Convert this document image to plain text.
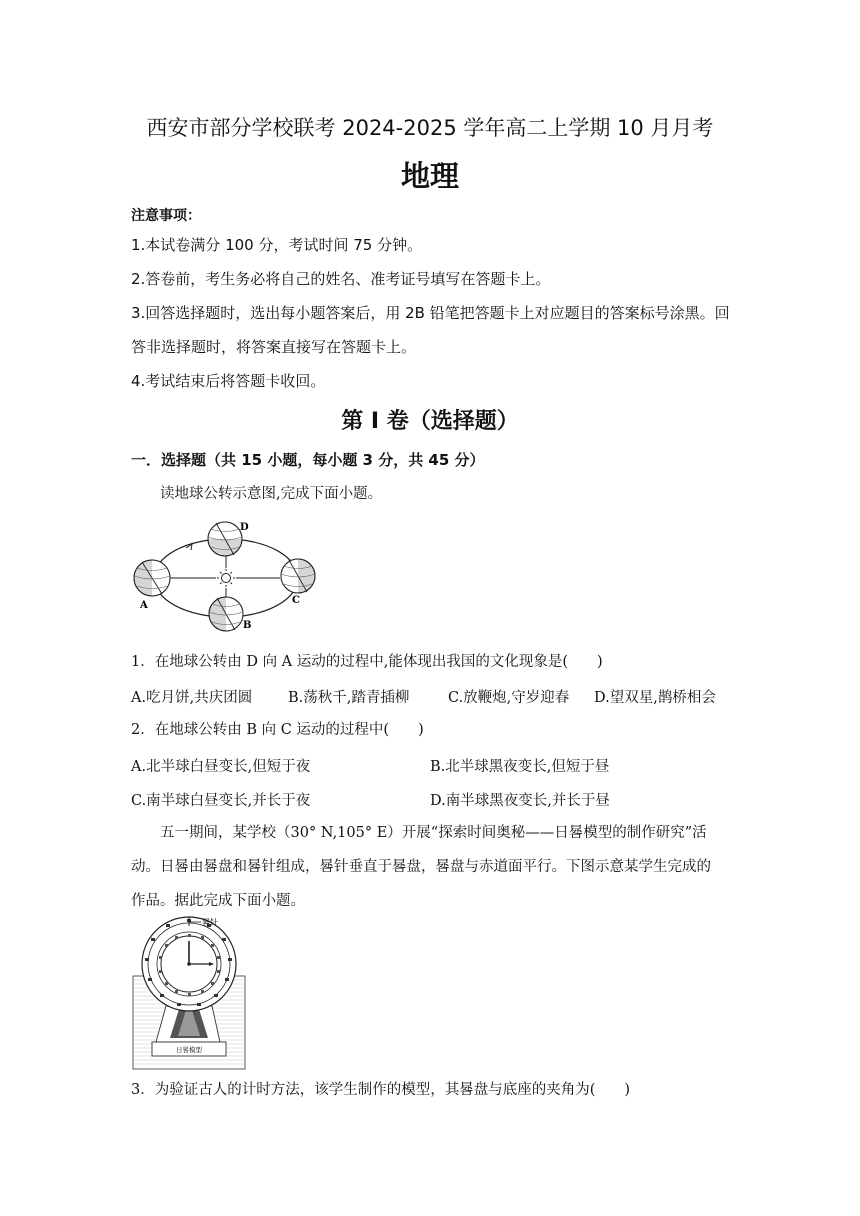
西安市部分学校联考 2024-2025 学年高二上学期 10 月月考
地理
注意事项：
1.本试卷满分 100 分，考试时间 75 分钟。
2.答卷前，考生务必将自己的姓名、准考证号填写在答题卡上。
3.回答选择题时，选出每小题答案后，用 2B 铅笔把答题卡上对应题目的答案标号涂黑。回
答非选择题时，将答案直接写在答题卡上。
4.考试结束后将答题卡收回。
第 I 卷（选择题）
一．选择题（共 15 小题，每小题 3 分，共 45 分）
读地球公转示意图,完成下面小题。
A
B
C
D
1．在地球公转由 D 向 A 运动的过程中,能体现出我国的文化现象是(　　)
A.吃月饼,共庆团圆 B.荡秋千,踏青插柳	C.放鞭炮,守岁迎春 D.望双星,鹊桥相会
2．在地球公转由 B 向 C 运动的过程中(　　)
A.北半球白昼变长,但短于夜	B.北半球黑夜变长,但短于昼
C.南半球白昼变长,并长于夜	D.南半球黑夜变长,并长于昼
五一期间，某学校（30° N,105° E）开展“探索时间奥秘——日晷模型的制作研究”活
动。日晷由晷盘和晷针组成，晷针垂直于晷盘，晷盘与赤道面平行。下图示意某学生完成的
作品。据此完成下面小题。
日晷模型
晷针
3．为验证古人的计时方法，该学生制作的模型，其晷盘与底座的夹角为(　　)
